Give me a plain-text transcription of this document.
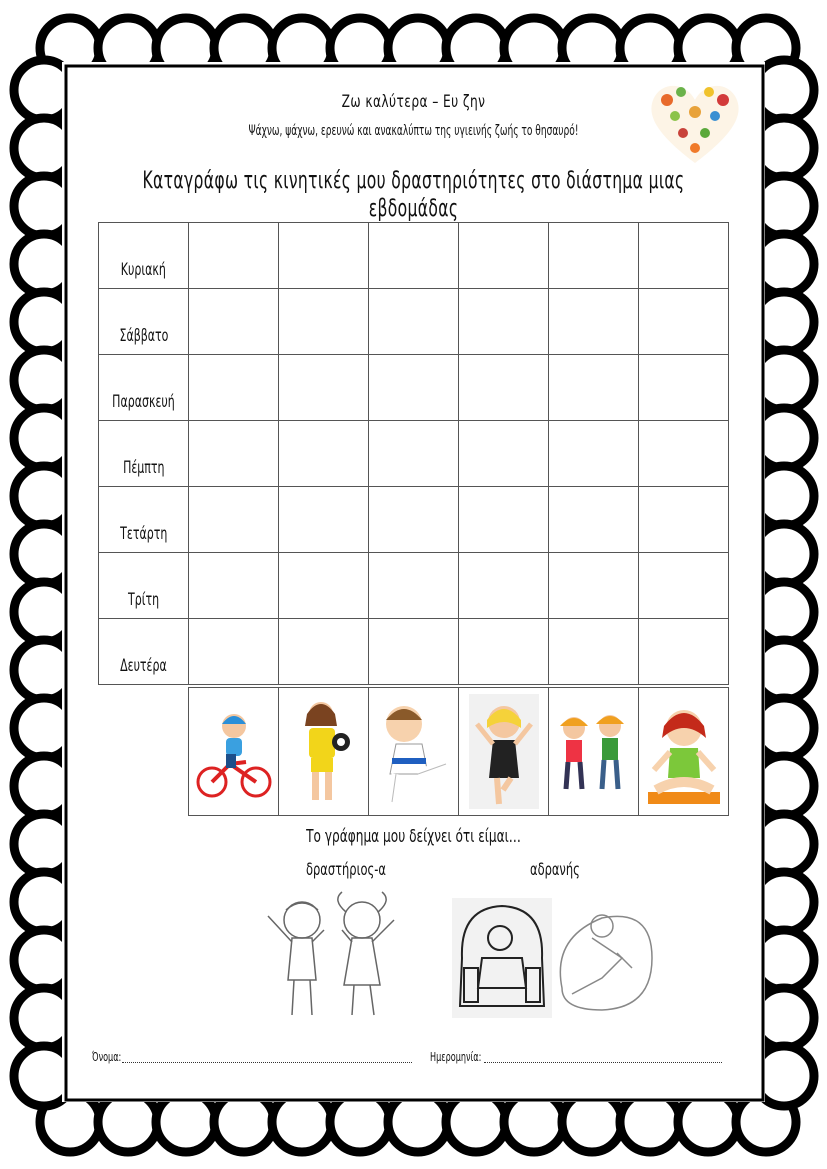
Ζω καλύτερα – Ευ ζην
Ψάχνω, ψάχνω, ερευνώ και ανακαλύπτω της υγιεινής ζωής το θησαυρό!
Καταγράφω τις κινητικές μου δραστηριότητες στο διάστημα μιας εβδομάδας
Κυριακή						
Σάββατο						
Παρασκευή						
Πέμπτη						
Τετάρτη						
Τρίτη						
Δευτέρα						

Το γράφημα μου δείχνει ότι είμαι…
δραστήριος-α	αδρανής
Όνομα:	Ημερομηνία:
